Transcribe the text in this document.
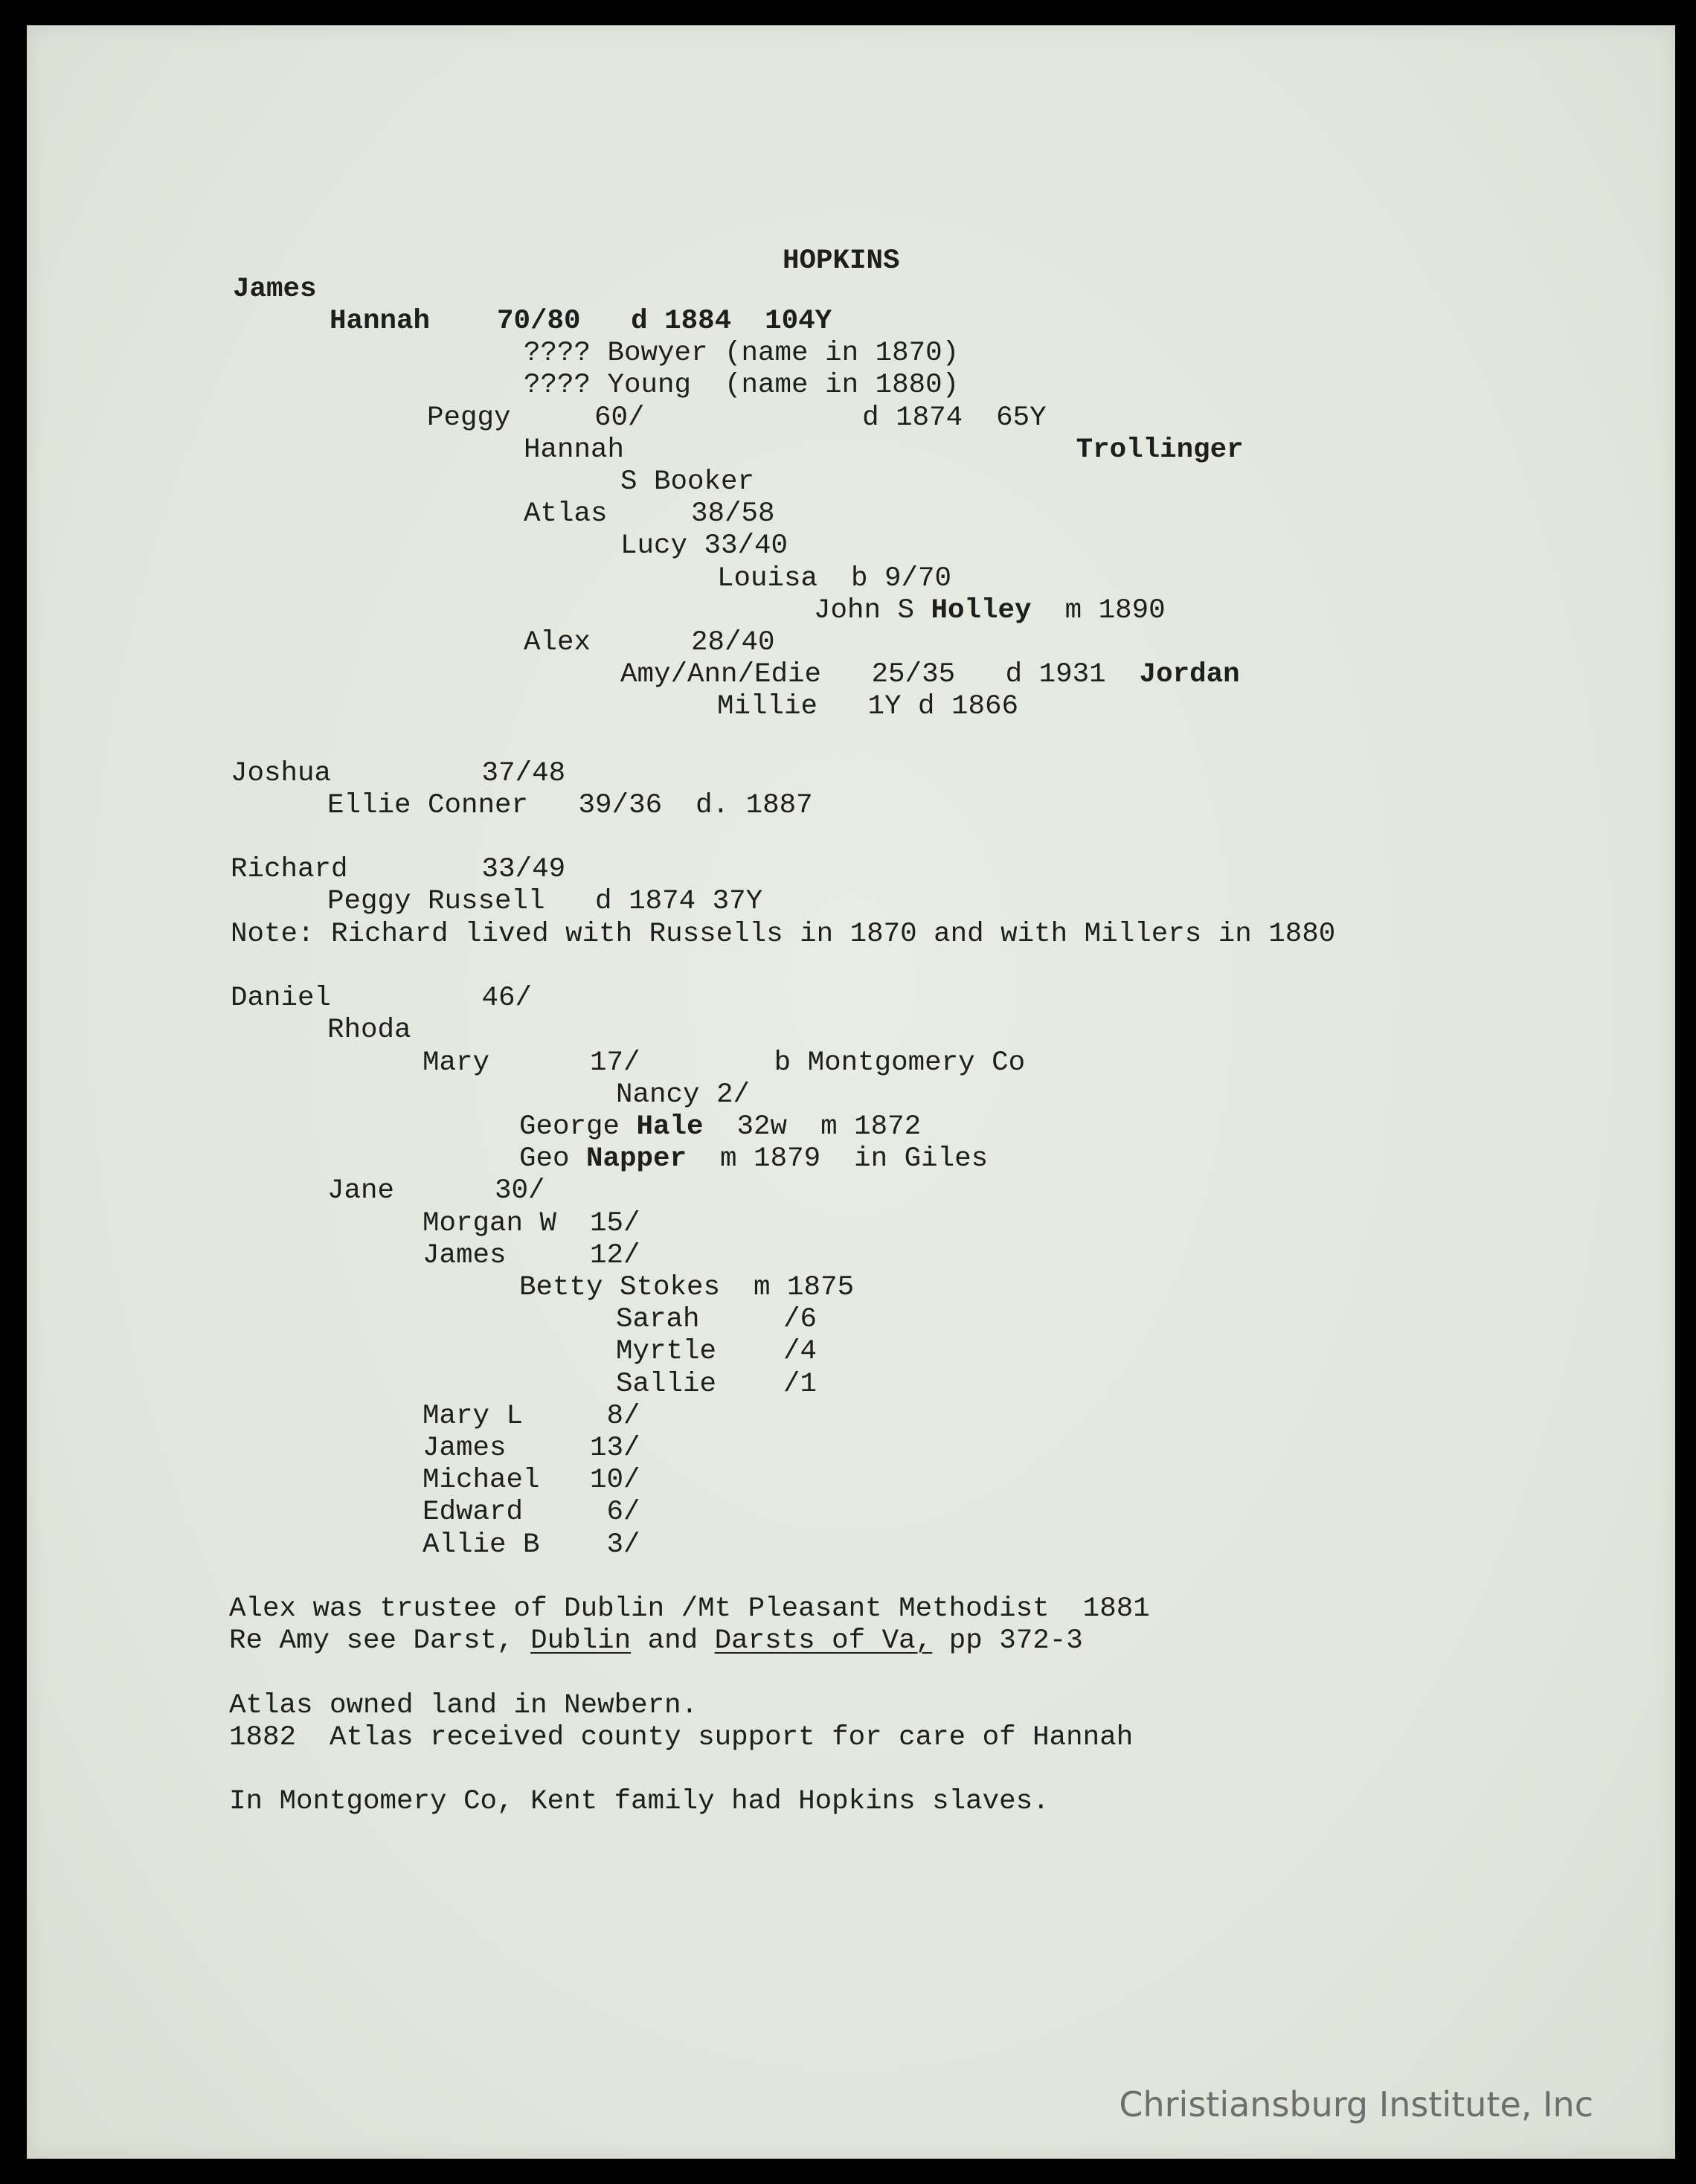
HOPKINS
James
Hannah    70/80   d 1884  104Y
???? Bowyer (name in 1870)
???? Young  (name in 1880)
Peggy     60/             d 1874  65Y
Hannah                           Trollinger
S Booker
Atlas     38/58
Lucy 33/40
Louisa  b 9/70
John S Holley  m 1890
Alex      28/40
Amy/Ann/Edie   25/35   d 1931  Jordan
Millie   1Y d 1866
Joshua         37/48
Ellie Conner   39/36  d. 1887
Richard        33/49
Peggy Russell   d 1874 37Y
Note: Richard lived with Russells in 1870 and with Millers in 1880
Daniel         46/
Rhoda
Mary      17/        b Montgomery Co
Nancy 2/
George Hale  32w  m 1872
Geo Napper  m 1879  in Giles
Jane      30/
Morgan W  15/
James     12/
Betty Stokes  m 1875
Sarah     /6
Myrtle    /4
Sallie    /1
Mary L     8/
James     13/
Michael   10/
Edward     6/
Allie B    3/
Alex was trustee of Dublin /Mt Pleasant Methodist  1881
Re Amy see Darst, Dublin and Darsts of Va, pp 372-3
Atlas owned land in Newbern.
1882  Atlas received county support for care of Hannah
In Montgomery Co, Kent family had Hopkins slaves.
Christiansburg Institute, Inc
